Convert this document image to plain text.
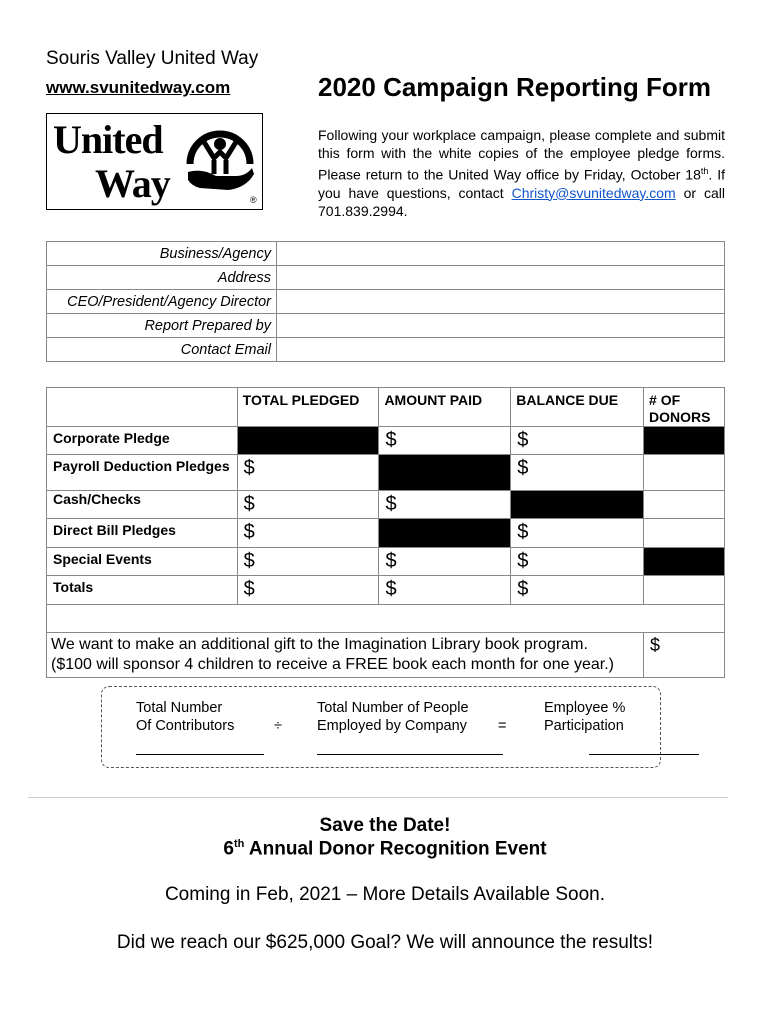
Souris Valley United Way
www.svunitedway.com	2020 Campaign Reporting Form
United
Way	®
Following your workplace campaign, please complete and submit this form with the white copies of the employee pledge forms. Please return to the United Way office by Friday, October 18th. If you have questions, contact Christy@svunitedway.com or call 701.839.2994.
Business/Agency	
Address	
CEO/President/Agency Director	
Report Prepared by	
Contact Email	
	TOTAL PLEDGED	AMOUNT PAID	BALANCE DUE	# OF DONORS
Corporate Pledge		$	$	
Payroll Deduction Pledges	$		$	
Cash/Checks	$	$		
Direct Bill Pledges	$		$	
Special Events	$	$	$	
Totals	$	$	$	

We want to make an additional gift to the Imagination Library book program.
($100 will sponsor 4 children to receive a FREE book each month for one year.)				$
Total Number
Of Contributors	÷
Total Number of People
Employed by Company =
Employee %
Participation
Save the Date!
6th Annual Donor Recognition Event
Coming in Feb, 2021 – More Details Available Soon.
Did we reach our $625,000 Goal? We will announce the results!
